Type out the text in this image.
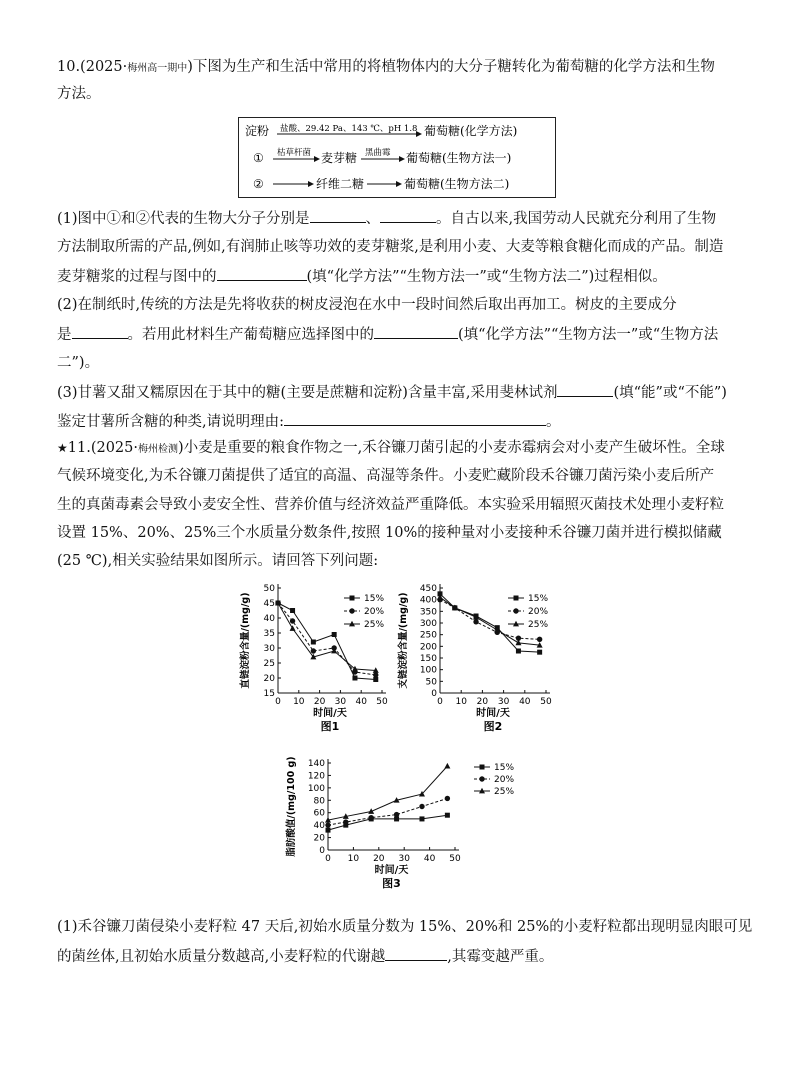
10.(2025·梅州高一期中)下图为生产和生活中常用的将植物体内的大分子糖转化为葡萄糖的化学方法和生物
方法。
淀粉 盐酸、29.42 Pa、143 ℃、pH 1.8 葡萄糖(化学方法)
① 枯草杆菌 麦芽糖 黑曲霉 葡萄糖(生物方法一)
②	纤维二糖	葡萄糖(生物方法二)
(1)图中①和②代表的生物大分子分别是	、	。自古以来,我国劳动人民就充分利用了生物
方法制取所需的产品,例如,有润肺止咳等功效的麦芽糖浆,是利用小麦、大麦等粮食糖化而成的产品。制造
麦芽糖浆的过程与图中的	(填“化学方法”“生物方法一”或“生物方法二”)过程相似。
(2)在制纸时,传统的方法是先将收获的树皮浸泡在水中一段时间然后取出再加工。树皮的主要成分
是	。若用此材料生产葡萄糖应选择图中的	(填“化学方法”“生物方法一”或“生物方法
二”)。
(3)甘薯又甜又糯原因在于其中的糖(主要是蔗糖和淀粉)含量丰富,采用斐林试剂	(填“能”或“不能”)
鉴定甘薯所含糖的种类,请说明理由:	。
★11.(2025·梅州检测)小麦是重要的粮食作物之一,禾谷镰刀菌引起的小麦赤霉病会对小麦产生破坏性。全球
气候环境变化,为禾谷镰刀菌提供了适宜的高温、高湿等条件。小麦贮藏阶段禾谷镰刀菌污染小麦后所产
生的真菌毒素会导致小麦安全性、营养价值与经济效益严重降低。本实验采用辐照灭菌技术处理小麦籽粒
设置 15%、20%、25%三个水质量分数条件,按照 10%的接种量对小麦接种禾谷镰刀菌并进行模拟储藏
(25 ℃),相关实验结果如图所示。请回答下列问题:
15
20
25
30
35
40
45
50
0 10 20 30 40 50
时间/天
直链淀粉含量/(mg/g)
图1
15%
20%
25%
0
50
100
150
200
250
300
350
400
450
0 10 20 30 40 50
时间/天
支链淀粉含量/(mg/g)
图2
15%
20%
25%
0
20
40
60
80
100
120
140
0 10 20 30 40 50
时间/天
脂肪酸值/(mg/100 g)
图3
15%
20%
25%
(1)禾谷镰刀菌侵染小麦籽粒 47 天后,初始水质量分数为 15%、20%和 25%的小麦籽粒都出现明显肉眼可见
的菌丝体,且初始水质量分数越高,小麦籽粒的代谢越	,其霉变越严重。
